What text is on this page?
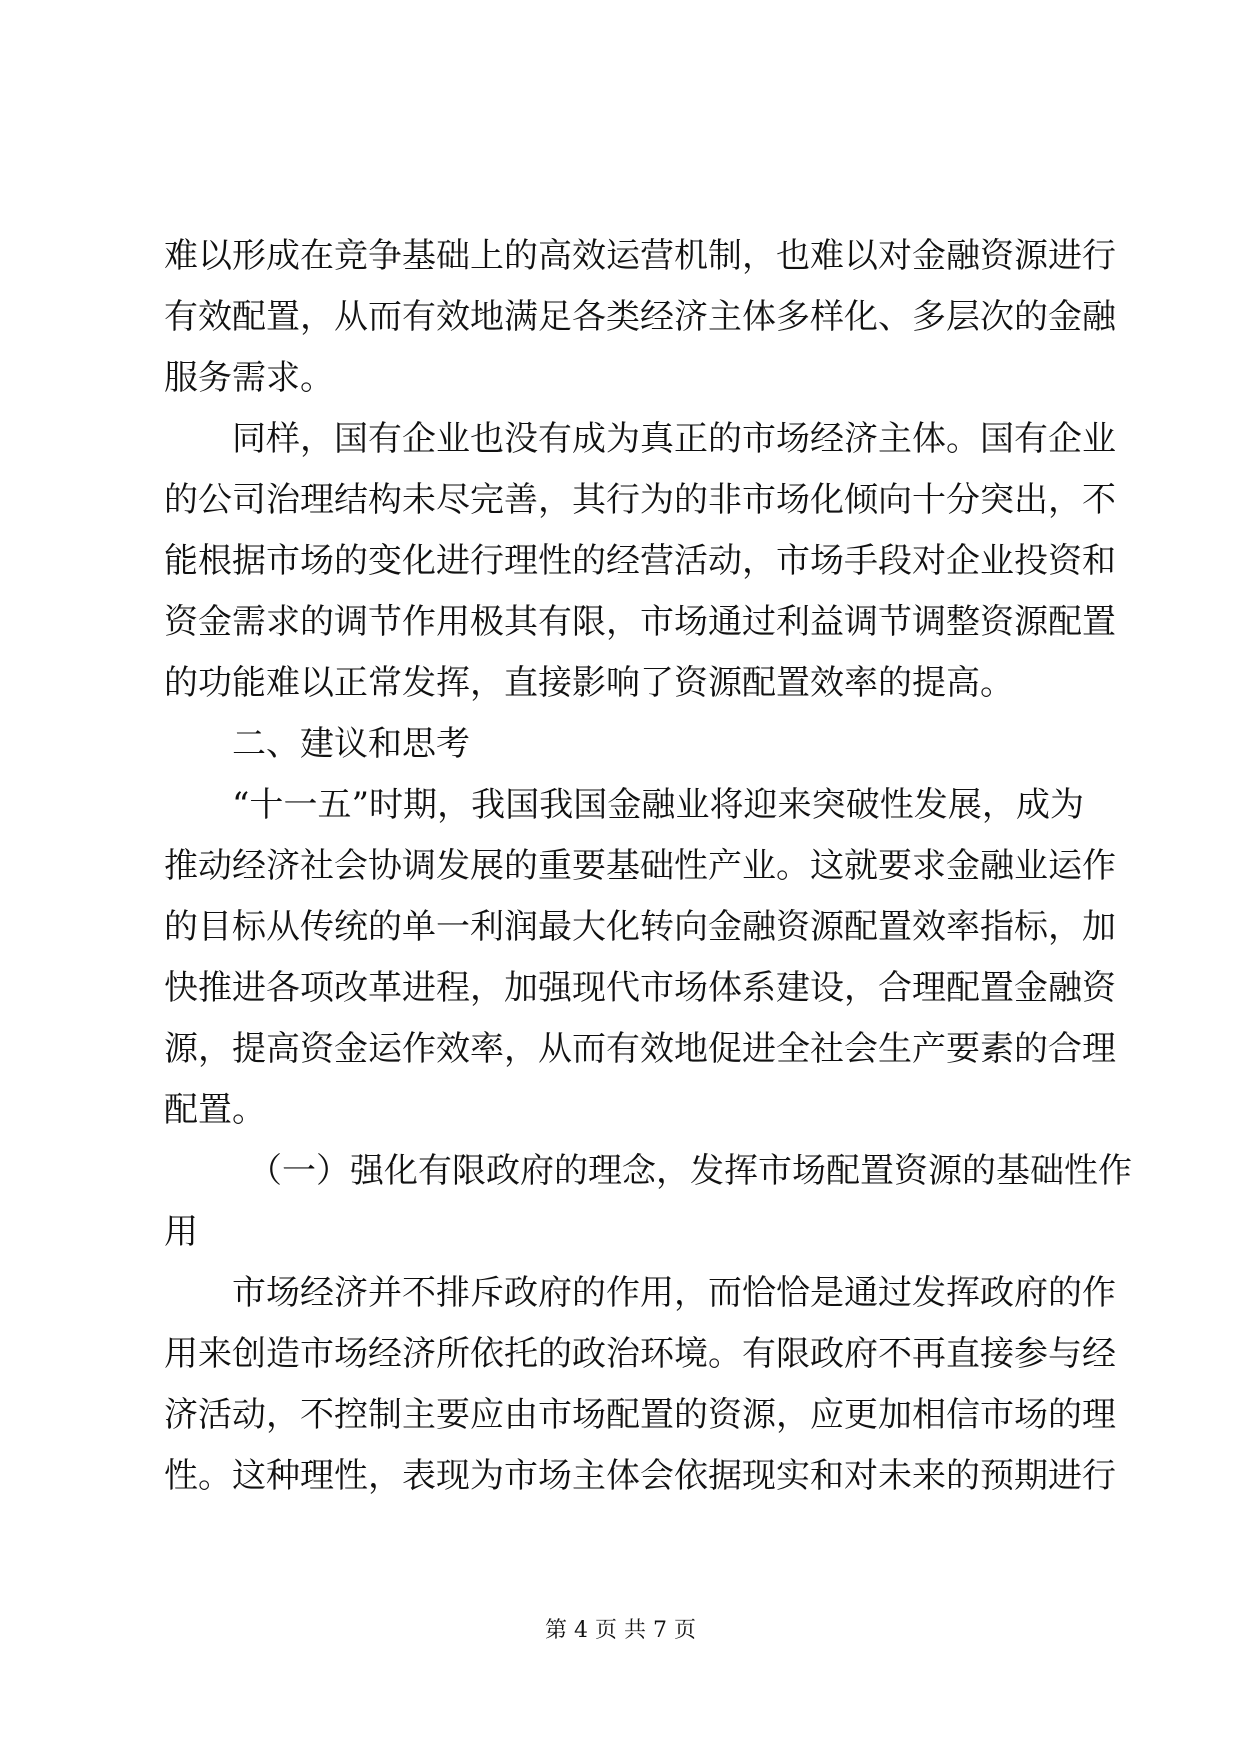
难以形成在竞争基础上的高效运营机制，也难以对金融资源进行
有效配置，从而有效地满足各类经济主体多样化、多层次的金融
服务需求。
同样，国有企业也没有成为真正的市场经济主体。国有企业
的公司治理结构未尽完善，其行为的非市场化倾向十分突出，不
能根据市场的变化进行理性的经营活动，市场手段对企业投资和
资金需求的调节作用极其有限，市场通过利益调节调整资源配置
的功能难以正常发挥，直接影响了资源配置效率的提高。
二、建议和思考
“十一五”时期，我国我国金融业将迎来突破性发展，成为
推动经济社会协调发展的重要基础性产业。这就要求金融业运作
的目标从传统的单一利润最大化转向金融资源配置效率指标，加
快推进各项改革进程，加强现代市场体系建设，合理配置金融资
源，提高资金运作效率，从而有效地促进全社会生产要素的合理
配置。
（一）强化有限政府的理念，发挥市场配置资源的基础性作
用
市场经济并不排斥政府的作用，而恰恰是通过发挥政府的作
用来创造市场经济所依托的政治环境。有限政府不再直接参与经
济活动，不控制主要应由市场配置的资源，应更加相信市场的理
性。这种理性，表现为市场主体会依据现实和对未来的预期进行
第 4 页 共 7 页
